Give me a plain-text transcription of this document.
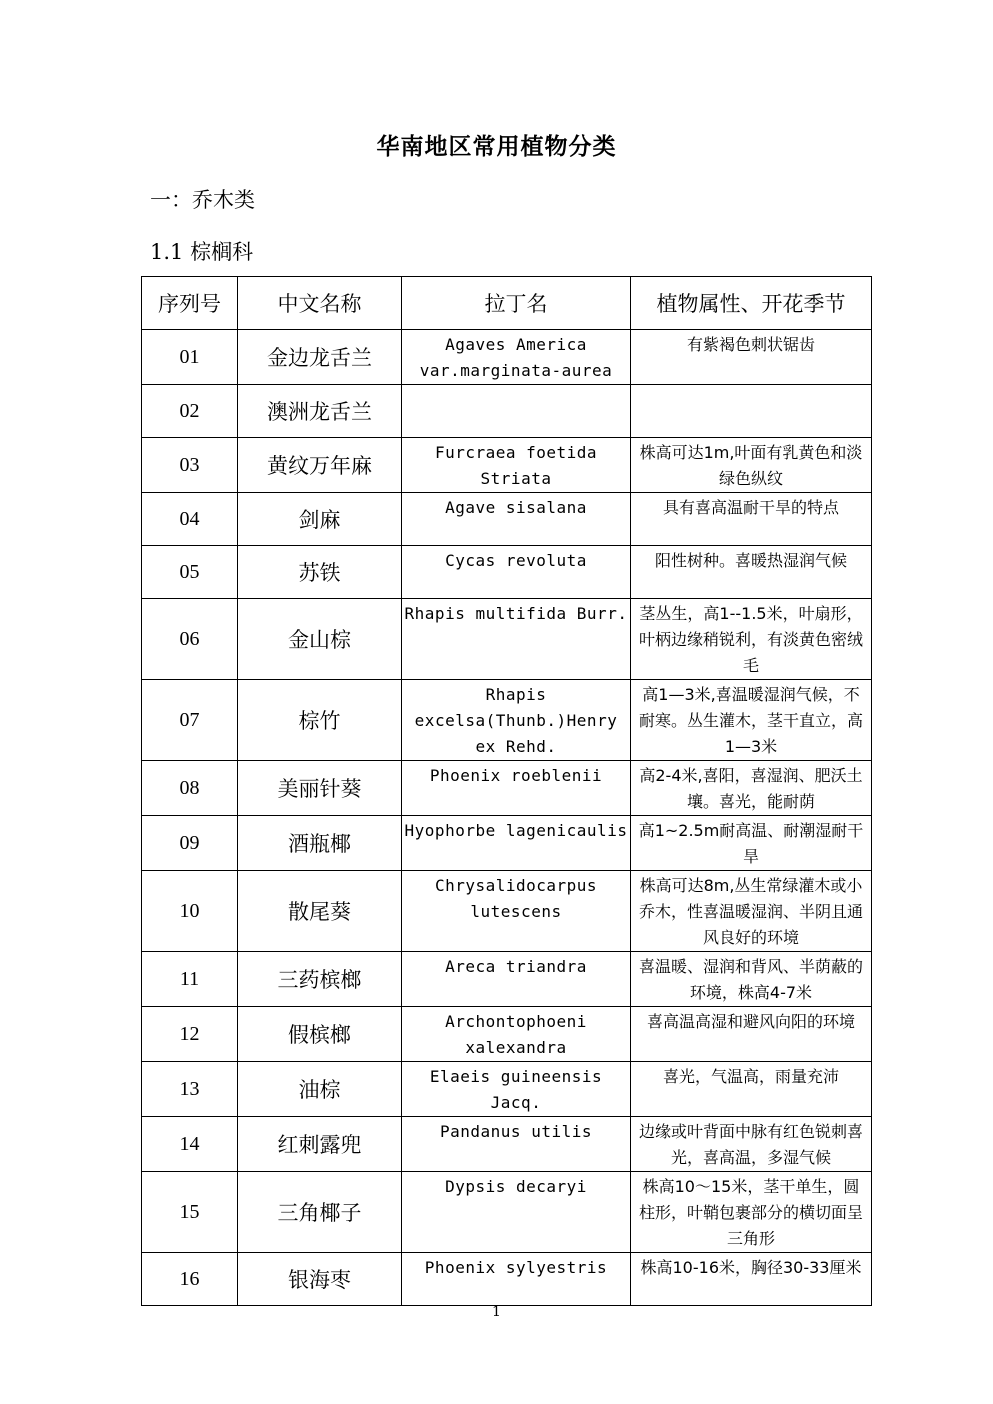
华南地区常用植物分类
一：乔木类
1.1 棕榈科
序列号	中文名称	拉丁名	植物属性、开花季节
01	金边龙舌兰	Agaves America var.marginata-aurea	有紫褐色刺状锯齿
02	澳洲龙舌兰		
03	黄纹万年麻	Furcraea foetida Striata	株高可达1m,叶面有乳黄色和淡绿色纵纹
04	剑麻	Agave sisalana	具有喜高温耐干旱的特点
05	苏铁	Cycas revoluta	阳性树种。喜暖热湿润气候
06	金山棕	Rhapis multifida Burr.	茎丛生，高1--1.5米，叶扇形，叶柄边缘稍锐利，有淡黄色密绒毛
07	棕竹	Rhapis excelsa(Thunb.)Henry ex Rehd.	高1—3米,喜温暖湿润气候，不耐寒。丛生灌木，茎干直立，高1—3米
08	美丽针葵	Phoenix roeblenii	高2-4米,喜阳，喜湿润、肥沃土壤。喜光，能耐荫
09	酒瓶椰	Hyophorbe lagenicaulis	高1~2.5m耐高温、耐潮湿耐干旱
10	散尾葵	Chrysalidocarpus lutescens	株高可达8m,丛生常绿灌木或小乔木，性喜温暖湿润、半阴且通风良好的环境
11	三药槟榔	Areca triandra	喜温暖、湿润和背风、半荫蔽的环境，株高4-7米
12	假槟榔	Archontophoeni xalexandra	喜高温高湿和避风向阳的环境
13	油棕	Elaeis guineensis Jacq.	喜光，气温高，雨量充沛
14	红刺露兜	Pandanus utilis	边缘或叶背面中脉有红色锐刺喜光，喜高温，多湿气候
15	三角椰子	Dypsis decaryi	株高10～15米，茎干单生，圆柱形，叶鞘包裹部分的横切面呈三角形
16	银海枣	Phoenix sylyestris	株高10-16米，胸径30-33厘米
1
